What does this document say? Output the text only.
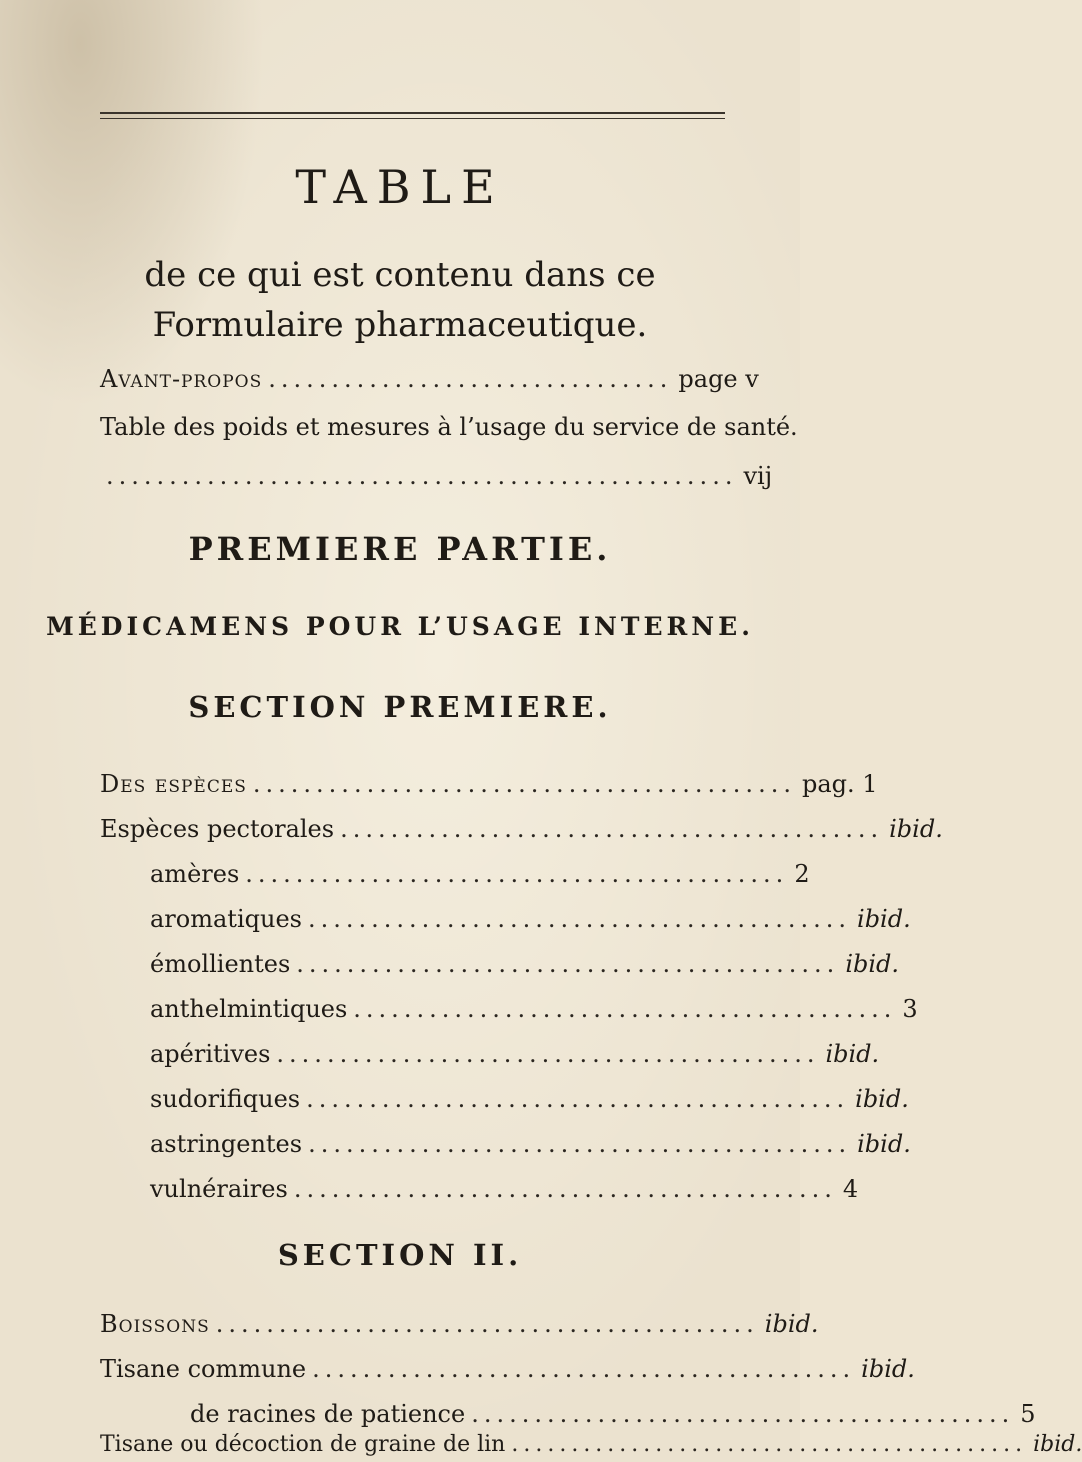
TABLE
de ce qui est contenu dans ce Formulaire pharmaceutique.
Avant-propos ................................ page v
Table des poids et mesures à l’usage du service de santé.
.................................................. vij
PREMIERE PARTIE.
MÉDICAMENS POUR L’USAGE INTERNE.
SECTION PREMIERE.
Des espèces ........................................... pag. 1
Espèces pectorales ........................................... ibid.
amères ........................................... 2
aromatiques ........................................... ibid.
émollientes ........................................... ibid.
anthelmintiques ........................................... 3
apéritives ........................................... ibid.
sudorifiques ........................................... ibid.
astringentes ........................................... ibid.
vulnéraires ........................................... 4
SECTION II.
Boissons ........................................... ibid.
Tisane commune ........................................... ibid.
de racines de patience ........................................... 5
Tisane ou décoction de graine de lin ........................................... ibid.
